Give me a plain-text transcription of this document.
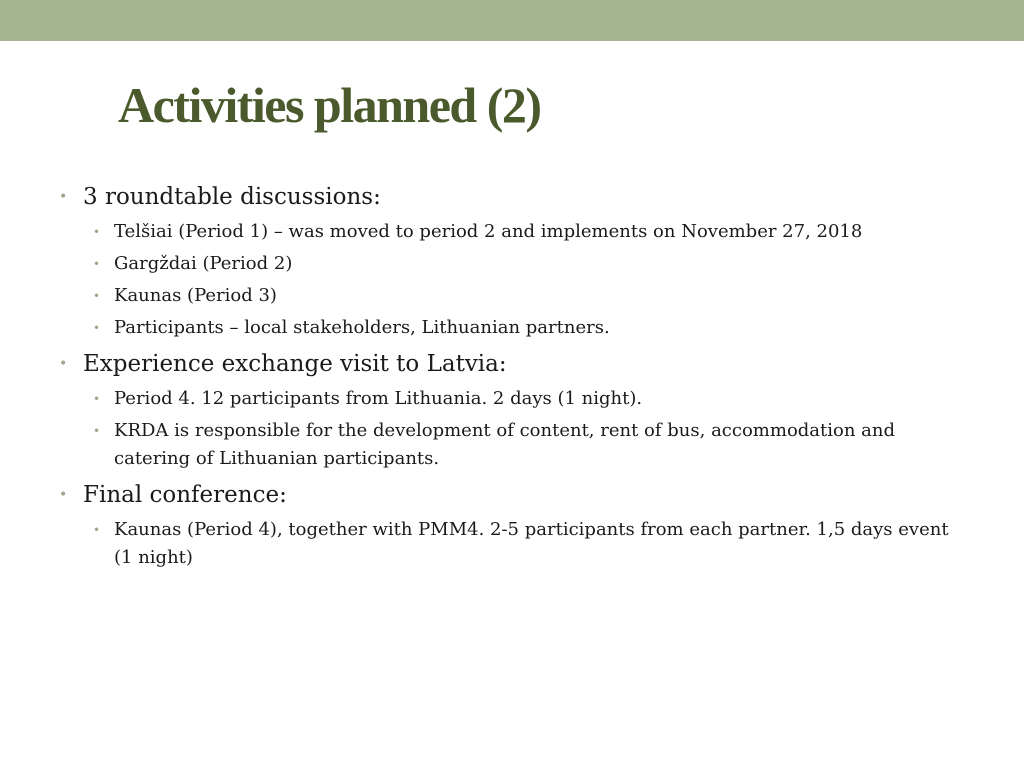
Activities planned (2)
• 3 roundtable discussions:
• Telšiai (Period 1) – was moved to period 2 and implements on November 27, 2018
• Gargždai (Period 2)
• Kaunas (Period 3)
• Participants – local stakeholders, Lithuanian partners.
• Experience exchange visit to Latvia:
• Period 4. 12 participants from Lithuania. 2 days (1 night).
• KRDA is responsible for the development of content, rent of bus, accommodation and catering of Lithuanian participants.
• Final conference:
• Kaunas (Period 4), together with PMM4. 2-5 participants from each partner. 1,5 days event (1 night)
